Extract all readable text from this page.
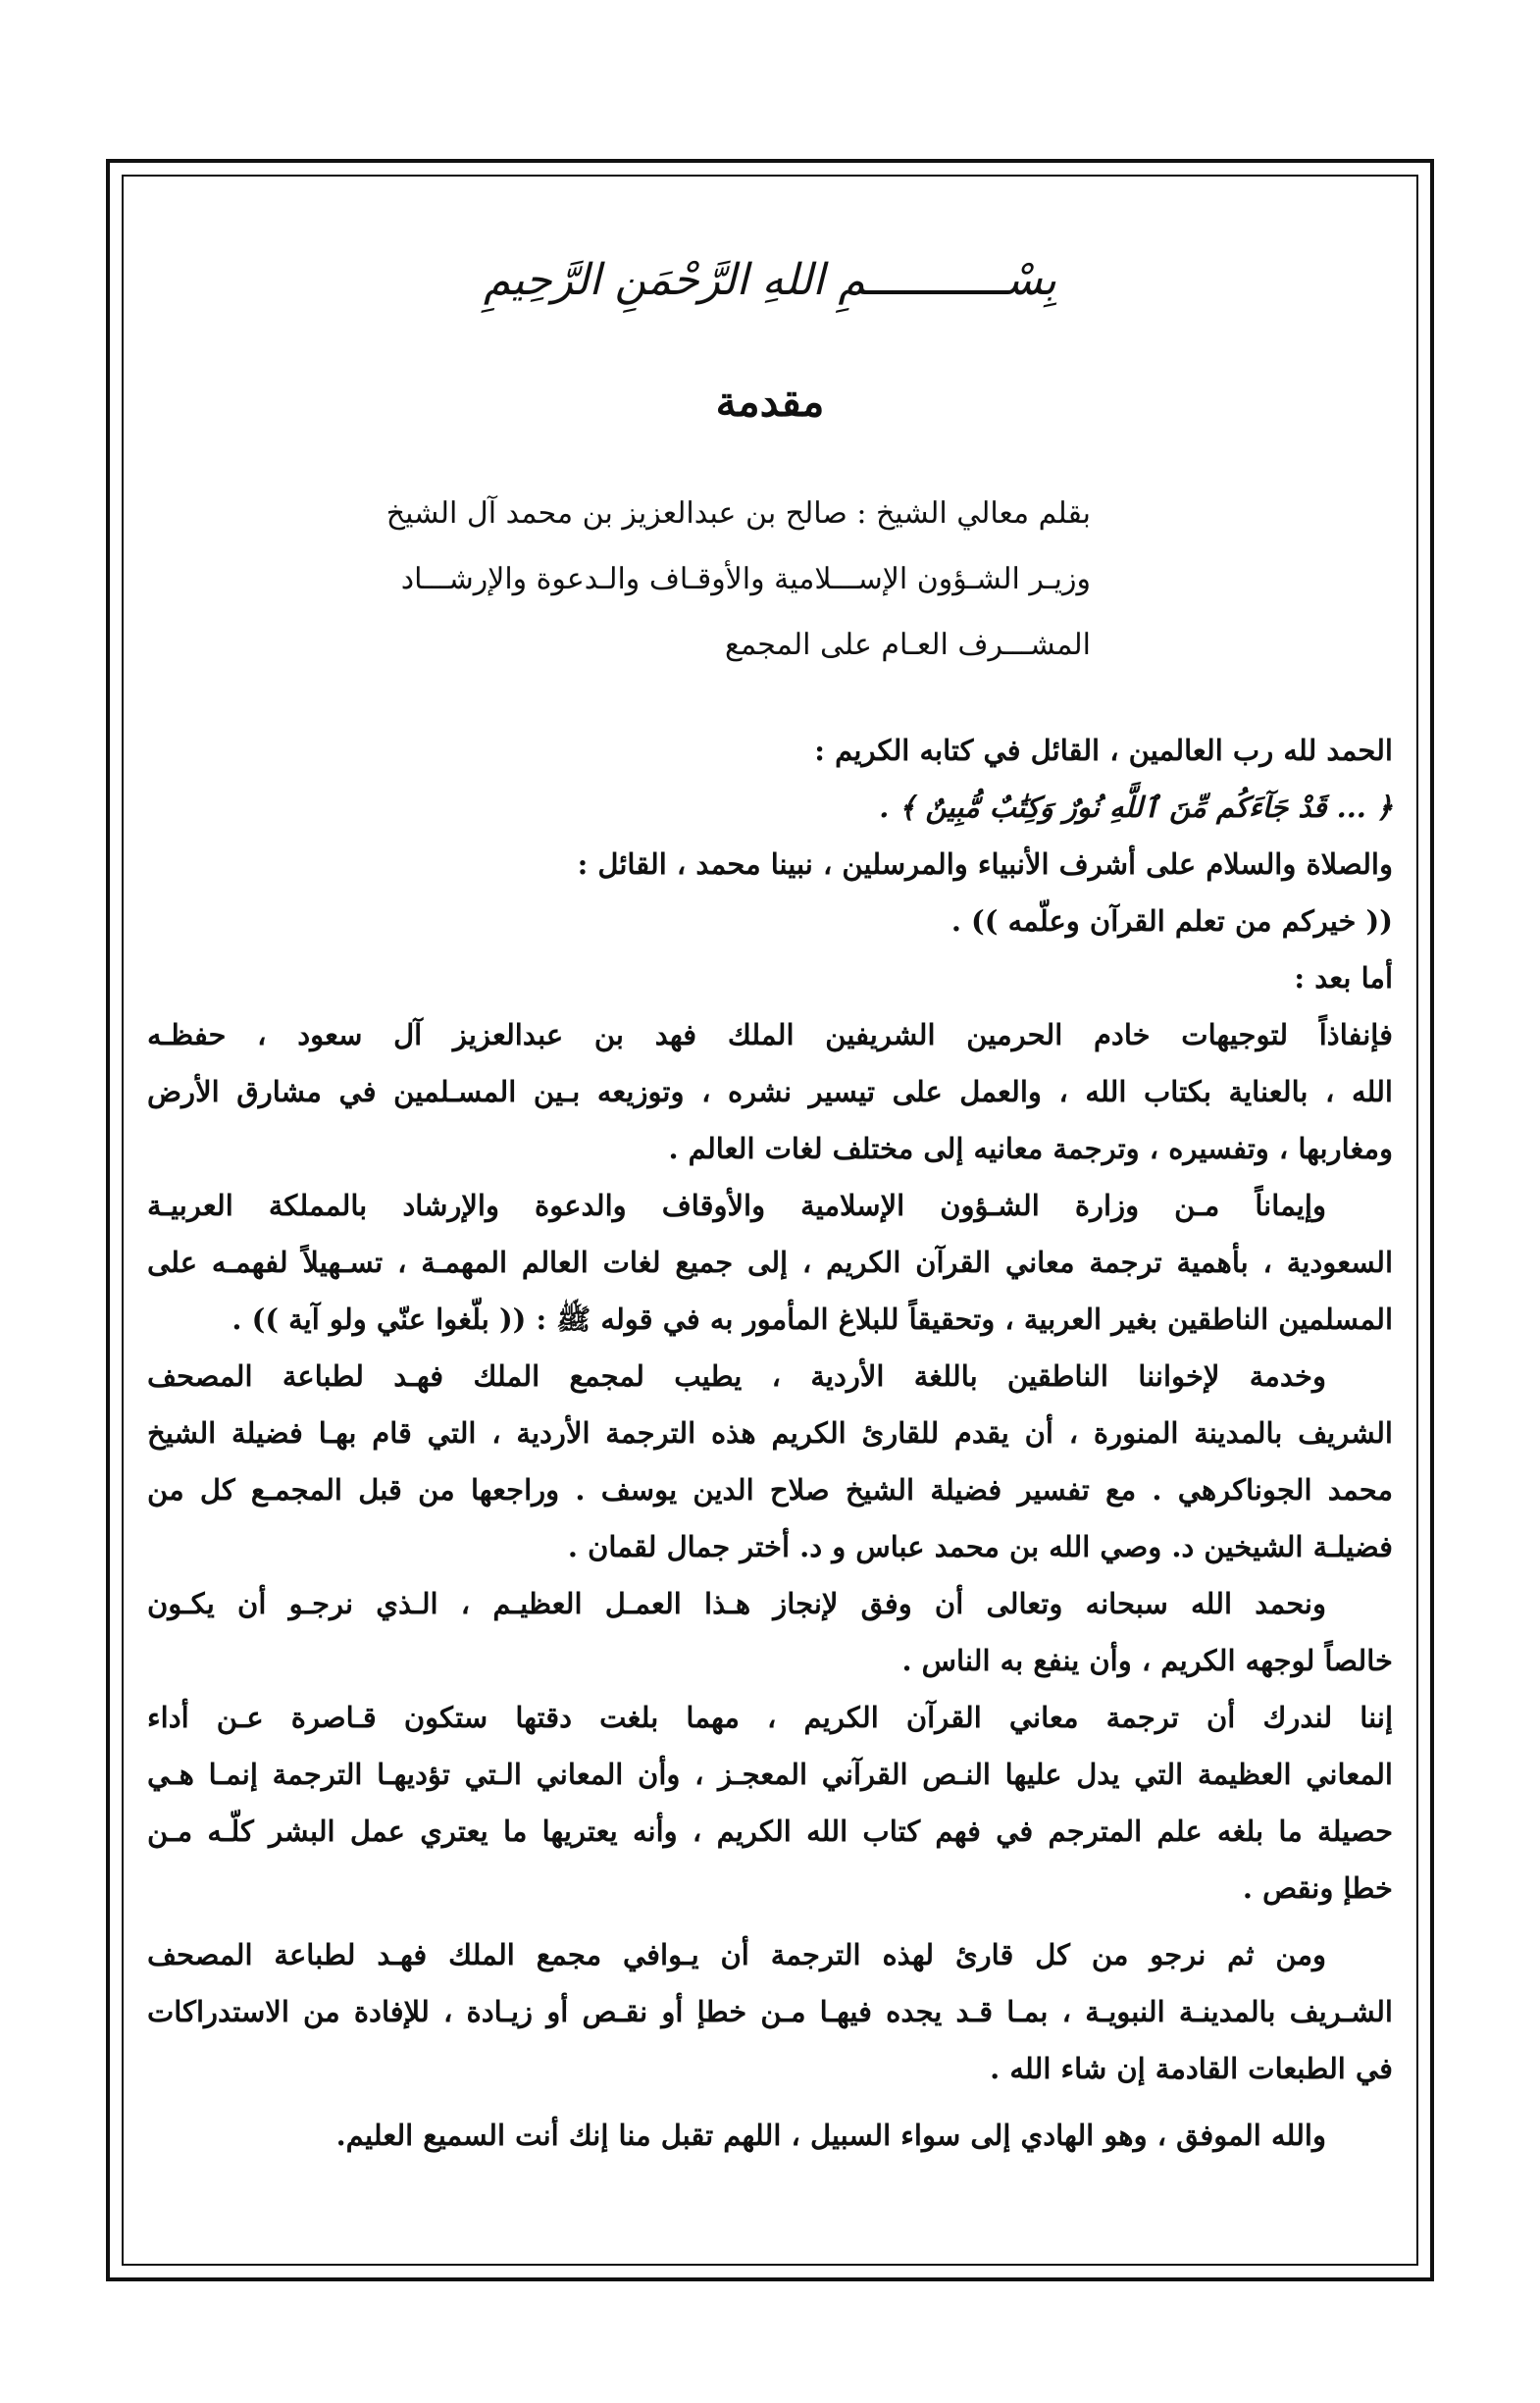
بِسْـــــــــــمِ اللهِ الرَّحْمَنِ الرَّحِيمِ
مقدمة
بقلم معالي الشيخ : صالح بن عبدالعزيز بن محمد آل الشيخ
وزيـر الشـؤون الإســـلامية والأوقـاف والـدعوة والإرشـــاد
المشـــرف العـام على المجمع
الحمد لله رب العالمين ، القائل في كتابه الكريم :
﴿ ... قَدْ جَآءَكُم مِّنَ ٱللَّهِ نُورٌ وَكِتَٰبٌ مُّبِينٌ ﴾ .
والصلاة والسلام على أشرف الأنبياء والمرسلين ، نبينا محمد ، القائل :
(( خيركم من تعلم القرآن وعلّمه )) .
أما بعد :
فإنفاذاً لتوجيهات خادم الحرمين الشريفين الملك فهد بن عبدالعزيز آل سعود ، حفظـه
الله ، بالعناية بكتاب الله ، والعمل على تيسير نشره ، وتوزيعه بـين المسـلمين في مشارق الأرض
ومغاربها ، وتفسيره ، وترجمة معانيه إلى مختلف لغات العالم .
وإيماناً مـن وزارة الشـؤون الإسلامية والأوقاف والدعوة والإرشاد بالمملكة العربيـة
السعودية ، بأهمية ترجمة معاني القرآن الكريم ، إلى جميع لغات العالم المهمـة ، تسـهيلاً لفهمـه على
المسلمين الناطقين بغير العربية ، وتحقيقاً للبلاغ المأمور به في قوله ﷺ : (( بلّغوا عنّي ولو آية )) .
وخدمة لإخواننا الناطقين باللغة الأردية ، يطيب لمجمع الملك فهـد لطباعة المصحف
الشريف بالمدينة المنورة ، أن يقدم للقارئ الكريم هذه الترجمة الأردية ، التي قام بهـا فضيلة الشيخ
محمد الجوناكرهي . مع تفسير فضيلة الشيخ صلاح الدين يوسف . وراجعها من قبل المجمـع كل من
فضيلـة الشيخين د. وصي الله بن محمد عباس و د. أختر جمال لقمان .
ونحمد الله سبحانه وتعالى أن وفق لإنجاز هـذا العمـل العظيـم ، الـذي نرجـو أن يكـون
خالصاً لوجهه الكريم ، وأن ينفع به الناس .
إننا لندرك أن ترجمة معاني القرآن الكريم ، مهما بلغت دقتها ستكون قـاصرة عـن أداء
المعاني العظيمة التي يدل عليها النـص القرآني المعجـز ، وأن المعاني الـتي تؤديهـا الترجمة إنمـا هـي
حصيلة ما بلغه علم المترجم في فهم كتاب الله الكريم ، وأنه يعتريها ما يعتري عمل البشر كلّـه مـن
خطإ ونقص .
ومن ثم نرجو من كل قارئ لهذه الترجمة أن يـوافي مجمع الملك فهـد لطباعة المصحف
الشـريف بالمدينـة النبويـة ، بمـا قـد يجده فيهـا مـن خطإ أو نقـص أو زيـادة ، للإفادة من الاستدراكات
في الطبعات القادمة إن شاء الله .
والله الموفق ، وهو الهادي إلى سواء السبيل ، اللهم تقبل منا إنك أنت السميع العليم.
